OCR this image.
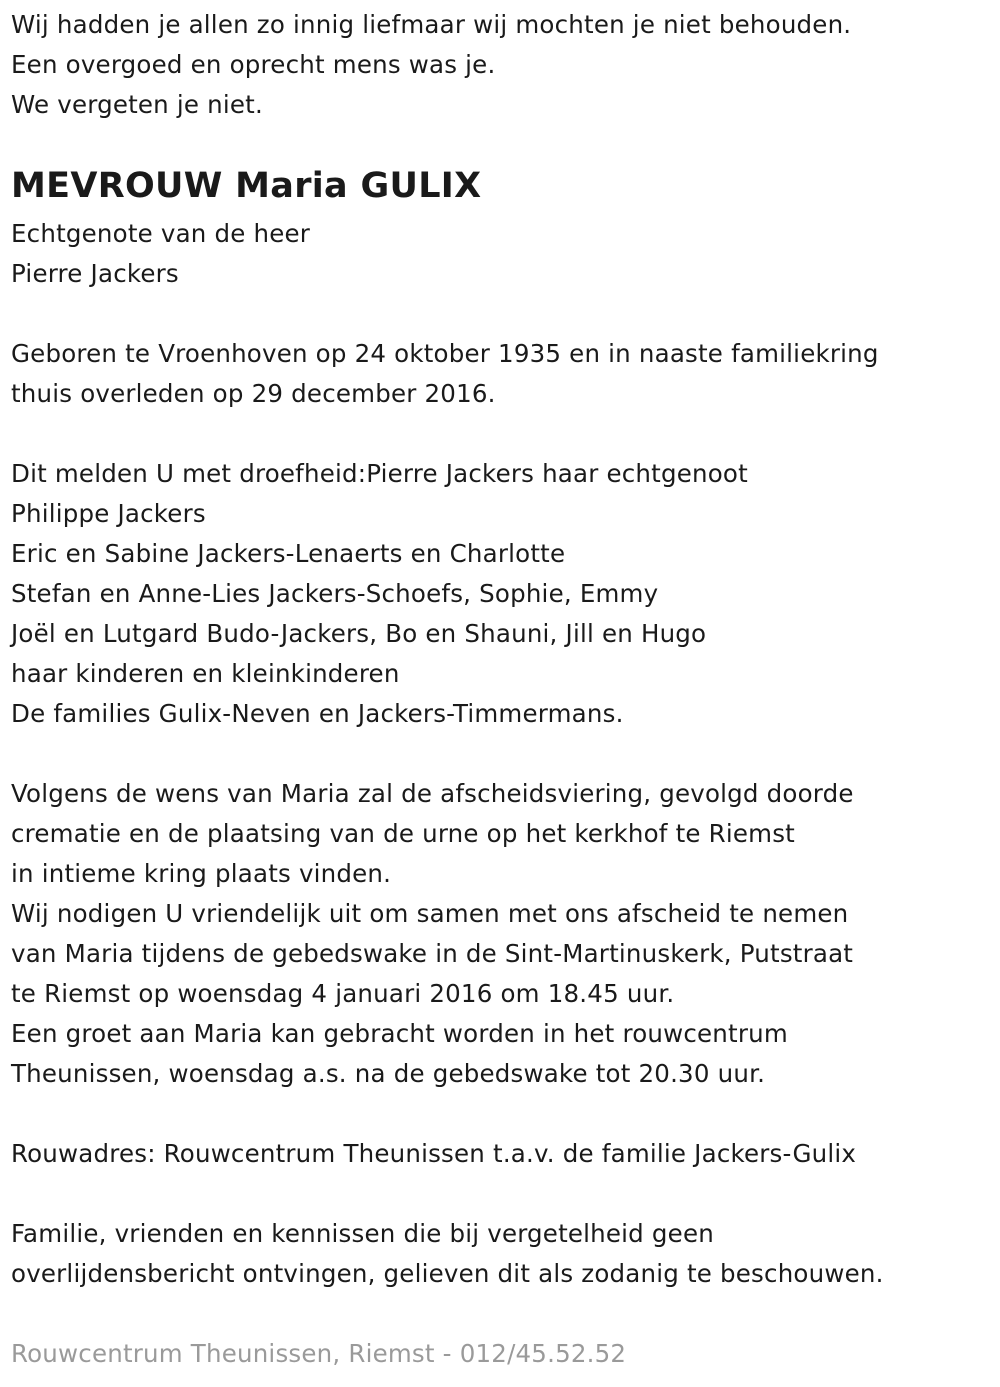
Wij hadden je allen zo innig liefmaar wij mochten je niet behouden.
Een overgoed en oprecht mens was je.
We vergeten je niet.
MEVROUW Maria GULIX
Echtgenote van de heer
Pierre Jackers
Geboren te Vroenhoven op 24 oktober 1935 en in naaste familiekring
thuis overleden op 29 december 2016.
Dit melden U met droefheid:Pierre Jackers haar echtgenoot
Philippe Jackers
Eric en Sabine Jackers-Lenaerts en Charlotte
Stefan en Anne-Lies Jackers-Schoefs, Sophie, Emmy
Joël en Lutgard Budo-Jackers, Bo en Shauni, Jill en Hugo
haar kinderen en kleinkinderen
De families Gulix-Neven en Jackers-Timmermans.
Volgens de wens van Maria zal de afscheidsviering, gevolgd doorde
crematie en de plaatsing van de urne op het kerkhof te Riemst
in intieme kring plaats vinden.
Wij nodigen U vriendelijk uit om samen met ons afscheid te nemen
van Maria tijdens de gebedswake in de Sint-Martinuskerk, Putstraat
te Riemst op woensdag 4 januari 2016 om 18.45 uur.
Een groet aan Maria kan gebracht worden in het rouwcentrum
Theunissen, woensdag a.s. na de gebedswake tot 20.30 uur.
Rouwadres: Rouwcentrum Theunissen t.a.v. de familie Jackers-Gulix
Familie, vrienden en kennissen die bij vergetelheid geen
overlijdensbericht ontvingen, gelieven dit als zodanig te beschouwen.
Rouwcentrum Theunissen, Riemst - 012/45.52.52
